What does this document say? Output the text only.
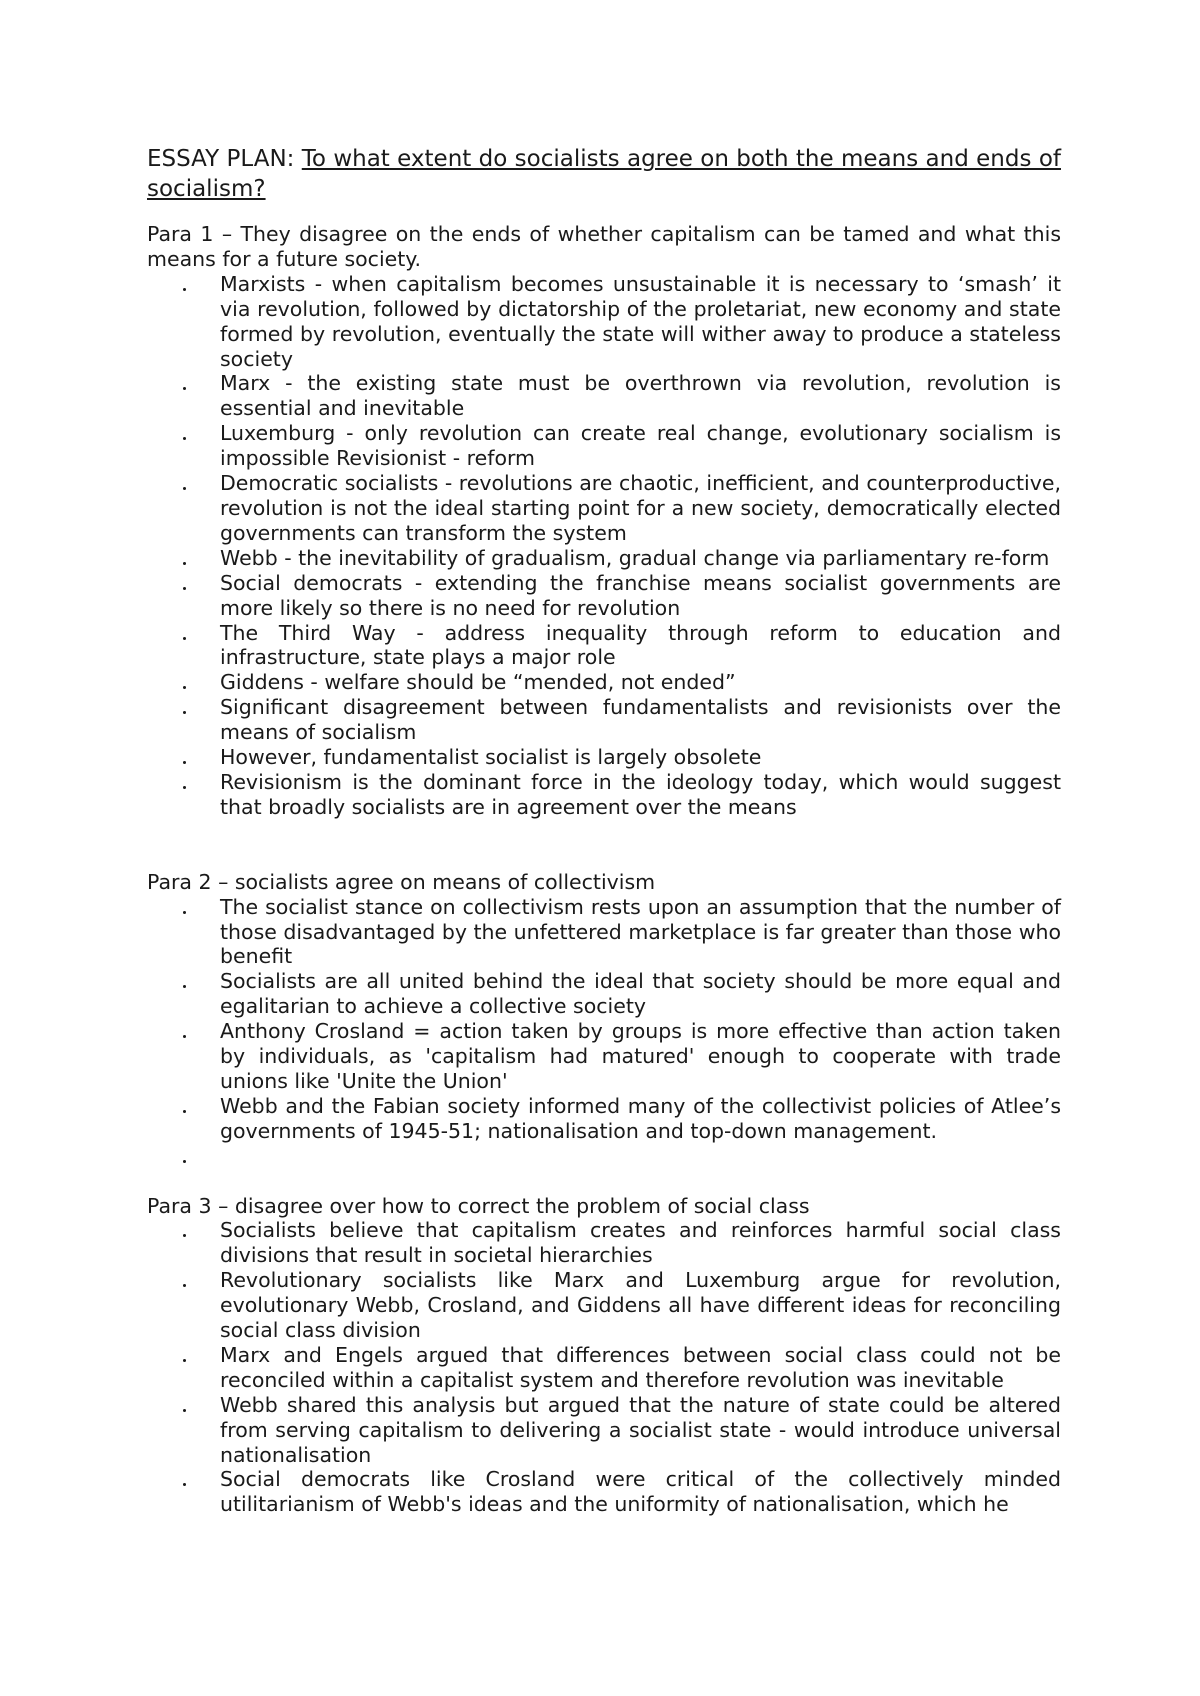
ESSAY PLAN: To what extent do socialists agree on both the means and ends of socialism?

Para 1 – They disagree on the ends of whether capitalism can be tamed and what this means for a future society.

Marxists - when capitalism becomes unsustainable it is necessary to ‘smash’ it via revolution, followed by dictatorship of the proletariat, new economy and state formed by revolution, eventually the state will wither away to produce a stateless society
Marx - the existing state must be overthrown via revolution, revolution is essential and inevitable
Luxemburg - only revolution can create real change, evolutionary socialism is impossible Revisionist - reform
Democratic socialists - revolutions are chaotic, inefficient, and counterproductive, revolution is not the ideal starting point for a new society, democratically elected governments can transform the system
Webb - the inevitability of gradualism, gradual change via parliamentary re-form
Social democrats - extending the franchise means socialist governments are more likely so there is no need for revolution
The Third Way - address inequality through reform to education and infrastructure, state plays a major role
Giddens - welfare should be “mended, not ended”
Significant disagreement between fundamentalists and revisionists over the means of socialism
However, fundamentalist socialist is largely obsolete
Revisionism is the dominant force in the ideology today, which would suggest that broadly socialists are in agreement over the means

Para 2 – socialists agree on means of collectivism

The socialist stance on collectivism rests upon an assumption that the number of those disadvantaged by the unfettered marketplace is far greater than those who benefit
Socialists are all united behind the ideal that society should be more equal and egalitarian to achieve a collective society
Anthony Crosland = action taken by groups is more effective than action taken by individuals, as 'capitalism had matured' enough to cooperate with trade unions like 'Unite the Union'
Webb and the Fabian society informed many of the collectivist policies of Atlee’s governments of 1945-51; nationalisation and top-down management.

Para 3 – disagree over how to correct the problem of social class

Socialists believe that capitalism creates and reinforces harmful social class divisions that result in societal hierarchies
Revolutionary socialists like Marx and Luxemburg argue for revolution, evolutionary Webb, Crosland, and Giddens all have different ideas for reconciling social class division
Marx and Engels argued that differences between social class could not be reconciled within a capitalist system and therefore revolution was inevitable
Webb shared this analysis but argued that the nature of state could be altered from serving capitalism to delivering a socialist state - would introduce universal nationalisation
Social democrats like Crosland were critical of the collectively minded utilitarianism of Webb's ideas and the uniformity of nationalisation, which he
